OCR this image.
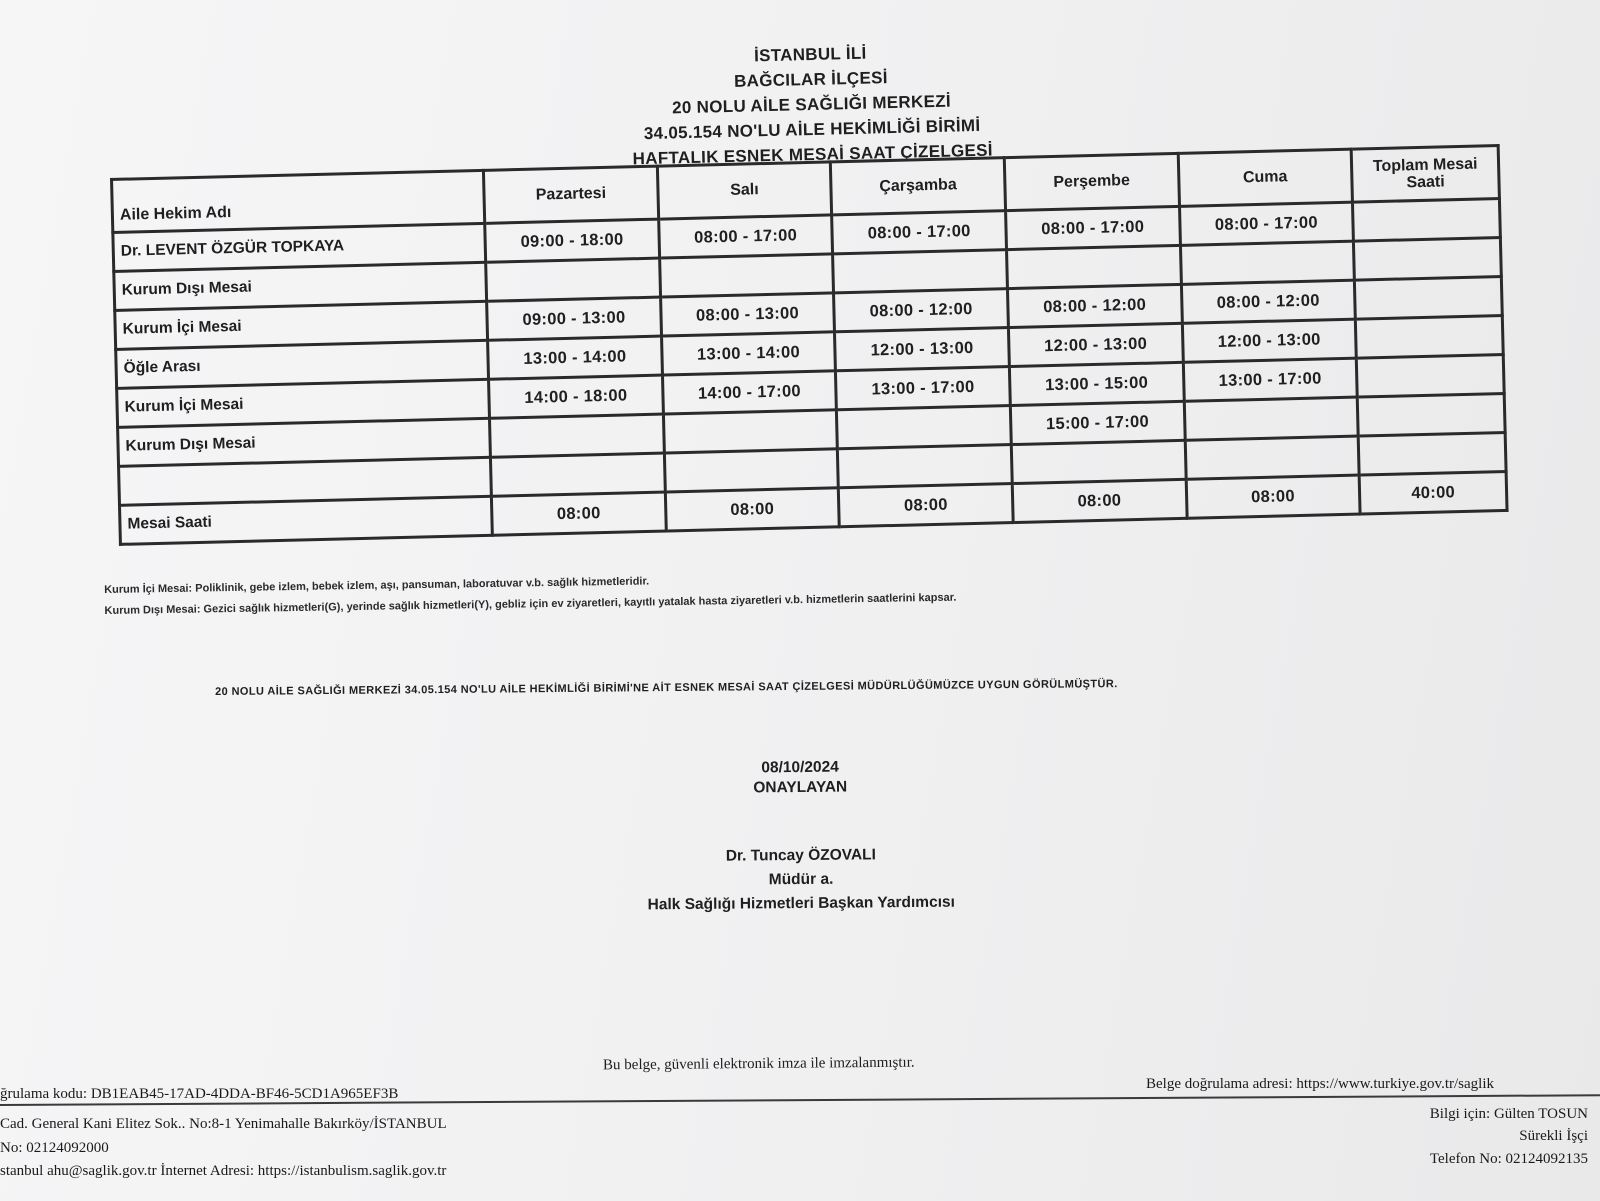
İSTANBUL İLİ
BAĞCILAR İLÇESİ
20 NOLU AİLE SAĞLIĞI MERKEZİ
34.05.154 NO'LU AİLE HEKİMLİĞİ BİRİMİ
HAFTALIK ESNEK MESAİ SAAT ÇİZELGESİ
Aile Hekim Adı	Pazartesi	Salı	Çarşamba	Perşembe	Cuma	Toplam Mesai Saati
Dr. LEVENT ÖZGÜR TOPKAYA	09:00 - 18:00	08:00 - 17:00	08:00 - 17:00	08:00 - 17:00	08:00 - 17:00	
Kurum Dışı Mesai						
Kurum İçi Mesai	09:00 - 13:00	08:00 - 13:00	08:00 - 12:00	08:00 - 12:00	08:00 - 12:00	
Öğle Arası	13:00 - 14:00	13:00 - 14:00	12:00 - 13:00	12:00 - 13:00	12:00 - 13:00	
Kurum İçi Mesai	14:00 - 18:00	14:00 - 17:00	13:00 - 17:00	13:00 - 15:00	13:00 - 17:00	
Kurum Dışı Mesai				15:00 - 17:00		

Mesai Saati	08:00	08:00	08:00	08:00	08:00	40:00
Kurum İçi Mesai: Poliklinik, gebe izlem, bebek izlem, aşı, pansuman, laboratuvar v.b. sağlık hizmetleridir.
Kurum Dışı Mesai: Gezici sağlık hizmetleri(G), yerinde sağlık hizmetleri(Y), gebliz için ev ziyaretleri, kayıtlı yatalak hasta ziyaretleri v.b. hizmetlerin saatlerini kapsar.
20 NOLU AİLE SAĞLIĞI MERKEZİ 34.05.154 NO'LU AİLE HEKİMLİĞİ BİRİMİ'NE AİT ESNEK MESAİ SAAT ÇİZELGESİ MÜDÜRLÜĞÜMÜZCE UYGUN GÖRÜLMÜŞTÜR.
08/10/2024
ONAYLAYAN
Dr. Tuncay ÖZOVALI
Müdür a.
Halk Sağlığı Hizmetleri Başkan Yardımcısı
Bu belge, güvenli elektronik imza ile imzalanmıştır.
ğrulama kodu: DB1EAB45-17AD-4DDA-BF46-5CD1A965EF3B
Belge doğrulama adresi: https://www.turkiye.gov.tr/saglik
Cad. General Kani Elitez Sok.. No:8-1 Yenimahalle Bakırköy/İSTANBUL
No: 02124092000
stanbul ahu@saglik.gov.tr İnternet Adresi: https://istanbulism.saglik.gov.tr
Bilgi için: Gülten TOSUN
Sürekli İşçi
Telefon No: 02124092135
